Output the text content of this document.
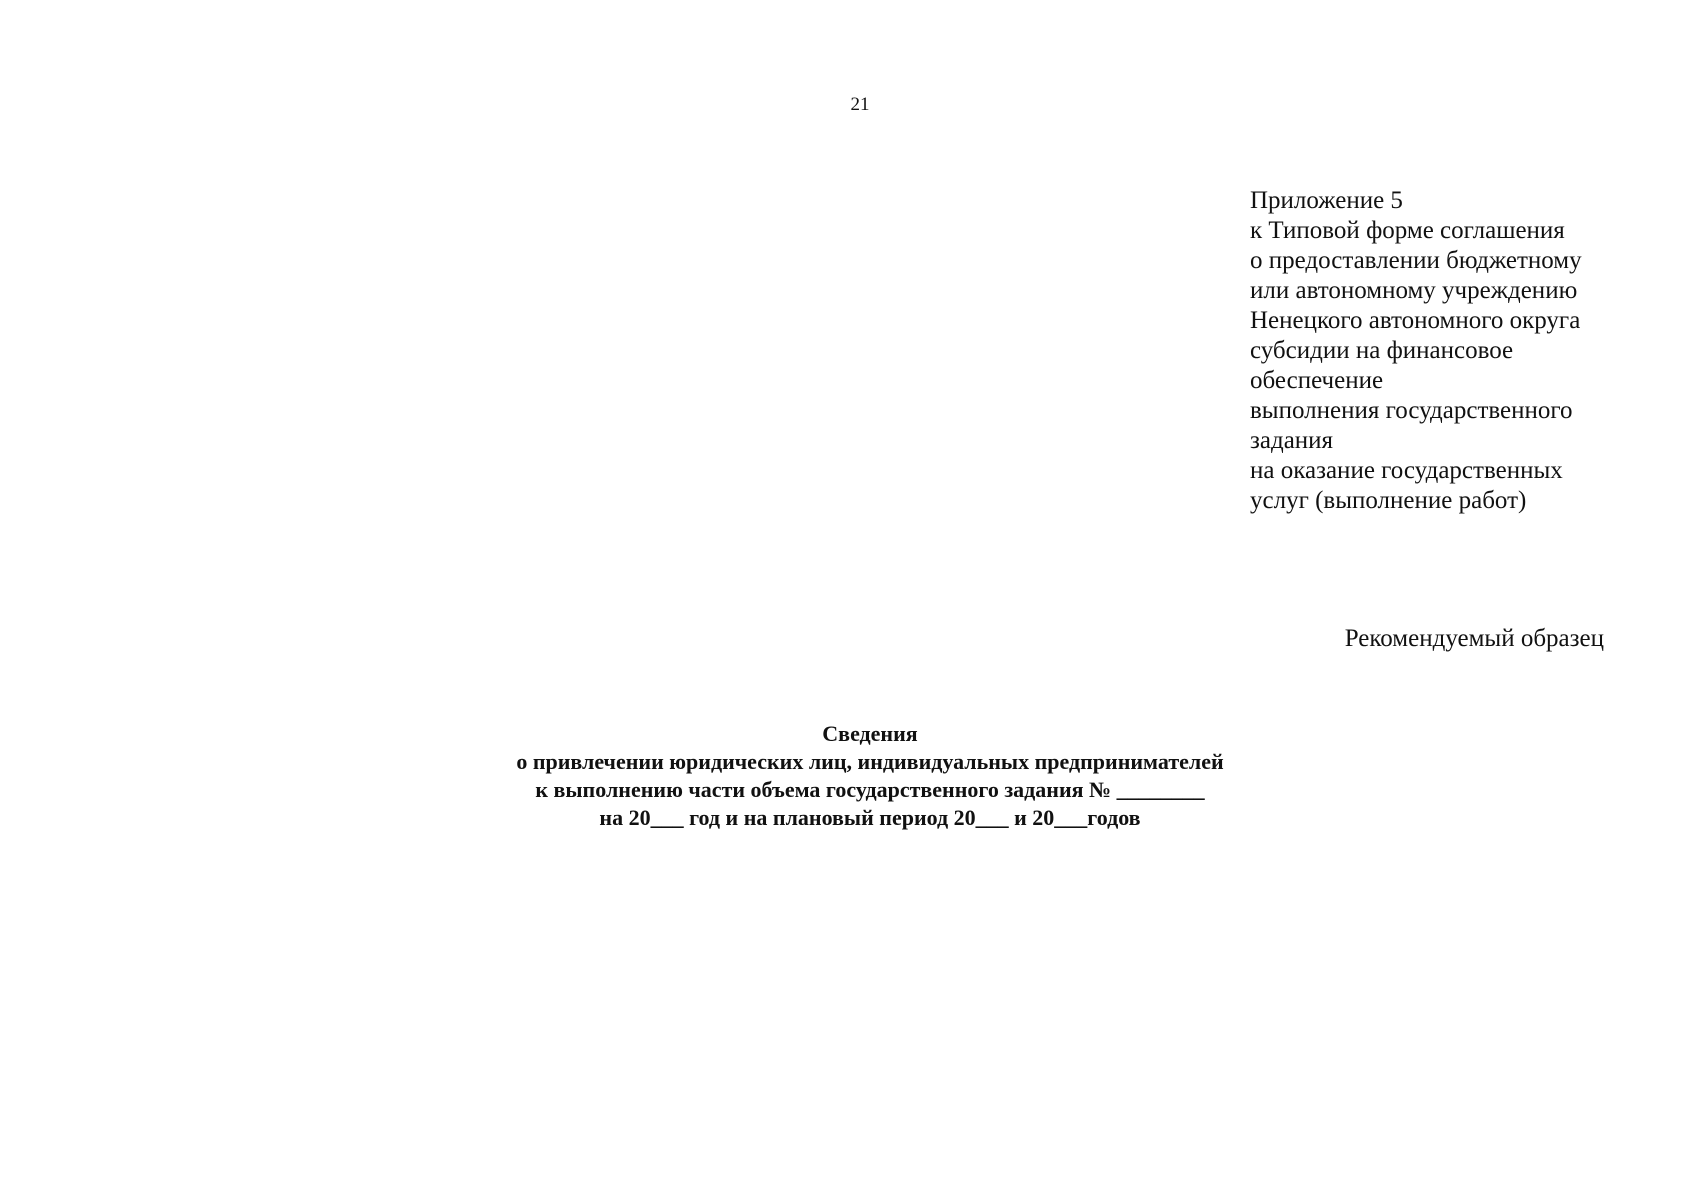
21
Приложение 5
к Типовой форме соглашения
о предоставлении бюджетному
или автономному учреждению
Ненецкого автономного округа
субсидии на финансовое
обеспечение
выполнения государственного
задания
на оказание государственных
услуг (выполнение работ)
Рекомендуемый образец
Сведения
о привлечении юридических лиц, индивидуальных предпринимателей
к выполнению части объема государственного задания № ________
на 20___ год и на плановый период 20___ и 20___годов
